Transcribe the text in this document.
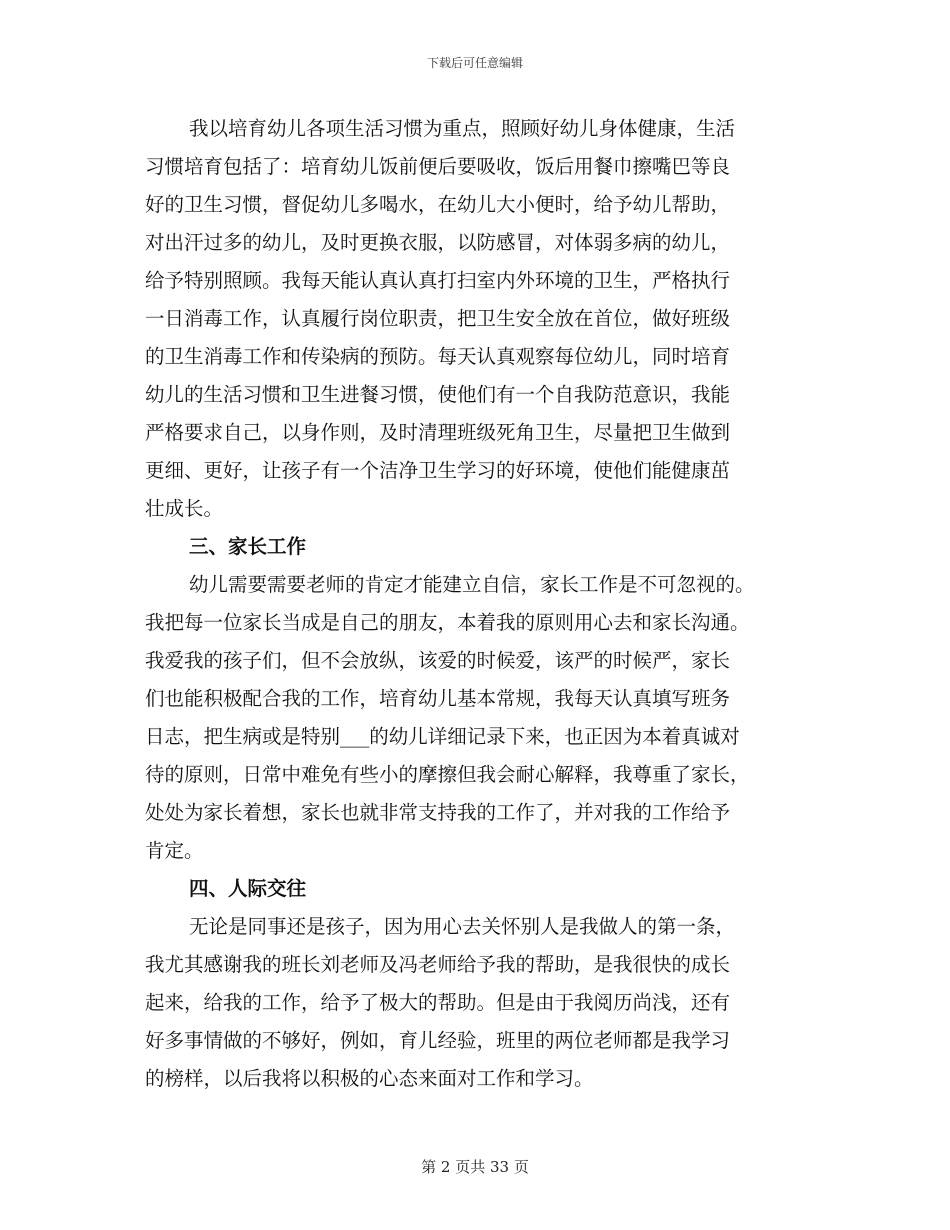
下载后可任意编辑
我以培育幼儿各项生活习惯为重点，照顾好幼儿身体健康，生活
习惯培育包括了：培育幼儿饭前便后要吸收，饭后用餐巾擦嘴巴等良
好的卫生习惯，督促幼儿多喝水，在幼儿大小便时，给予幼儿帮助，
对出汗过多的幼儿，及时更换衣服，以防感冒，对体弱多病的幼儿，
给予特别照顾。我每天能认真认真打扫室内外环境的卫生，严格执行
一日消毒工作，认真履行岗位职责，把卫生安全放在首位，做好班级
的卫生消毒工作和传染病的预防。每天认真观察每位幼儿，同时培育
幼儿的生活习惯和卫生进餐习惯，使他们有一个自我防范意识，我能
严格要求自己，以身作则，及时清理班级死角卫生，尽量把卫生做到
更细、更好，让孩子有一个洁净卫生学习的好环境，使他们能健康茁
壮成长。
三、家长工作
幼儿需要需要老师的肯定才能建立自信，家长工作是不可忽视的。
我把每一位家长当成是自己的朋友，本着我的原则用心去和家长沟通。
我爱我的孩子们，但不会放纵，该爱的时候爱，该严的时候严，家长
们也能积极配合我的工作，培育幼儿基本常规，我每天认真填写班务
日志，把生病或是特别___的幼儿详细记录下来，也正因为本着真诚对
待的原则，日常中难免有些小的摩擦但我会耐心解释，我尊重了家长，
处处为家长着想，家长也就非常支持我的工作了，并对我的工作给予
肯定。
四、人际交往
无论是同事还是孩子，因为用心去关怀别人是我做人的第一条，
我尤其感谢我的班长刘老师及冯老师给予我的帮助，是我很快的成长
起来，给我的工作，给予了极大的帮助。但是由于我阅历尚浅，还有
好多事情做的不够好，例如，育儿经验，班里的两位老师都是我学习
的榜样，以后我将以积极的心态来面对工作和学习。
第 2 页共 33 页
